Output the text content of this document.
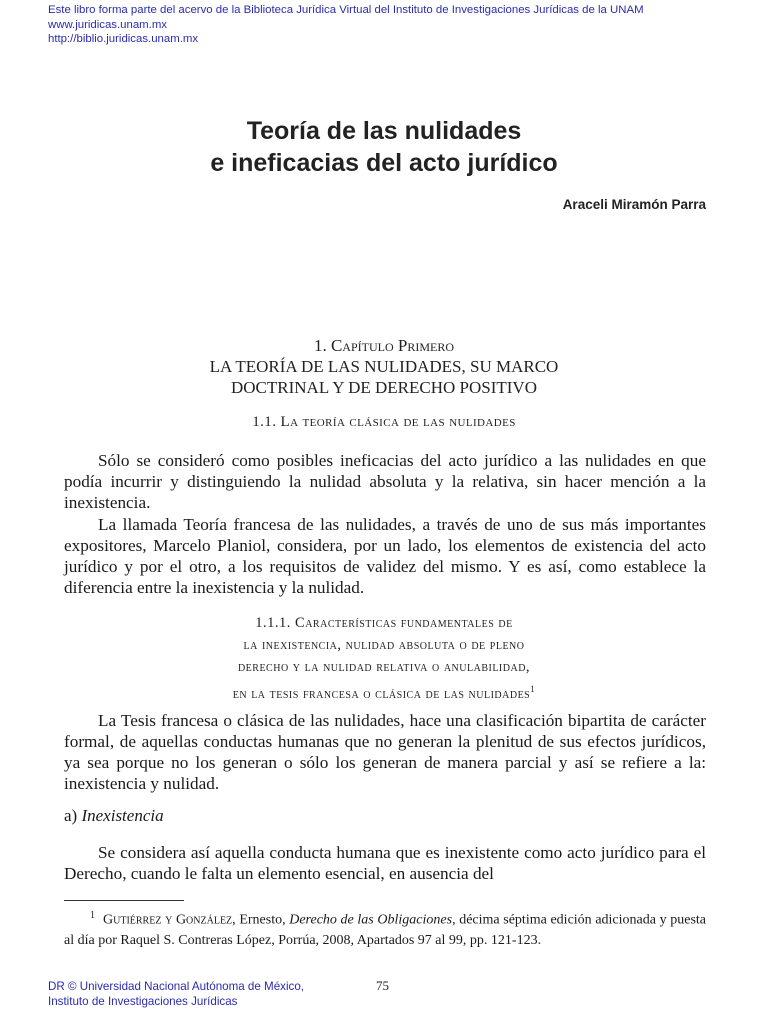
Este libro forma parte del acervo de la Biblioteca Jurídica Virtual del Instituto de Investigaciones Jurídicas de la UNAM
www.juridicas.unam.mx
http://biblio.juridicas.unam.mx
Teoría de las nulidades
e ineficacias del acto jurídico
Araceli Miramón Parra
1. Capítulo Primero
LA TEORÍA DE LAS NULIDADES, SU MARCO
DOCTRINAL Y DE DERECHO POSITIVO
1.1. La teoría clásica de las nulidades
Sólo se consideró como posibles ineficacias del acto jurídico a las nulidades en que podía incurrir y distinguiendo la nulidad absoluta y la relativa, sin hacer mención a la inexistencia.
La llamada Teoría francesa de las nulidades, a través de uno de sus más importantes expositores, Marcelo Planiol, considera, por un lado, los elementos de existencia del acto jurídico y por el otro, a los requisitos de validez del mismo. Y es así, como establece la diferencia entre la inexistencia y la nulidad.
1.1.1. Características fundamentales de
la inexistencia, nulidad absoluta o de pleno
derecho y la nulidad relativa o anulabilidad,
en la tesis francesa o clásica de las nulidades$^1$
La Tesis francesa o clásica de las nulidades, hace una clasificación bipartita de carácter formal, de aquellas conductas humanas que no generan la plenitud de sus efectos jurídicos, ya sea porque no los generan o sólo los generan de manera parcial y así se refiere a la: inexistencia y nulidad.
a) Inexistencia
Se considera así aquella conducta humana que es inexistente como acto jurídico para el Derecho, cuando le falta un elemento esencial, en ausencia del
$^1$ Gutiérrez y González, Ernesto, Derecho de las Obligaciones, décima séptima edición adicionada y puesta al día por Raquel S. Contreras López, Porrúa, 2008, Apartados 97 al 99, pp. 121-123.
DR © Universidad Nacional Autónoma de México,
Instituto de Investigaciones Jurídicas
75
